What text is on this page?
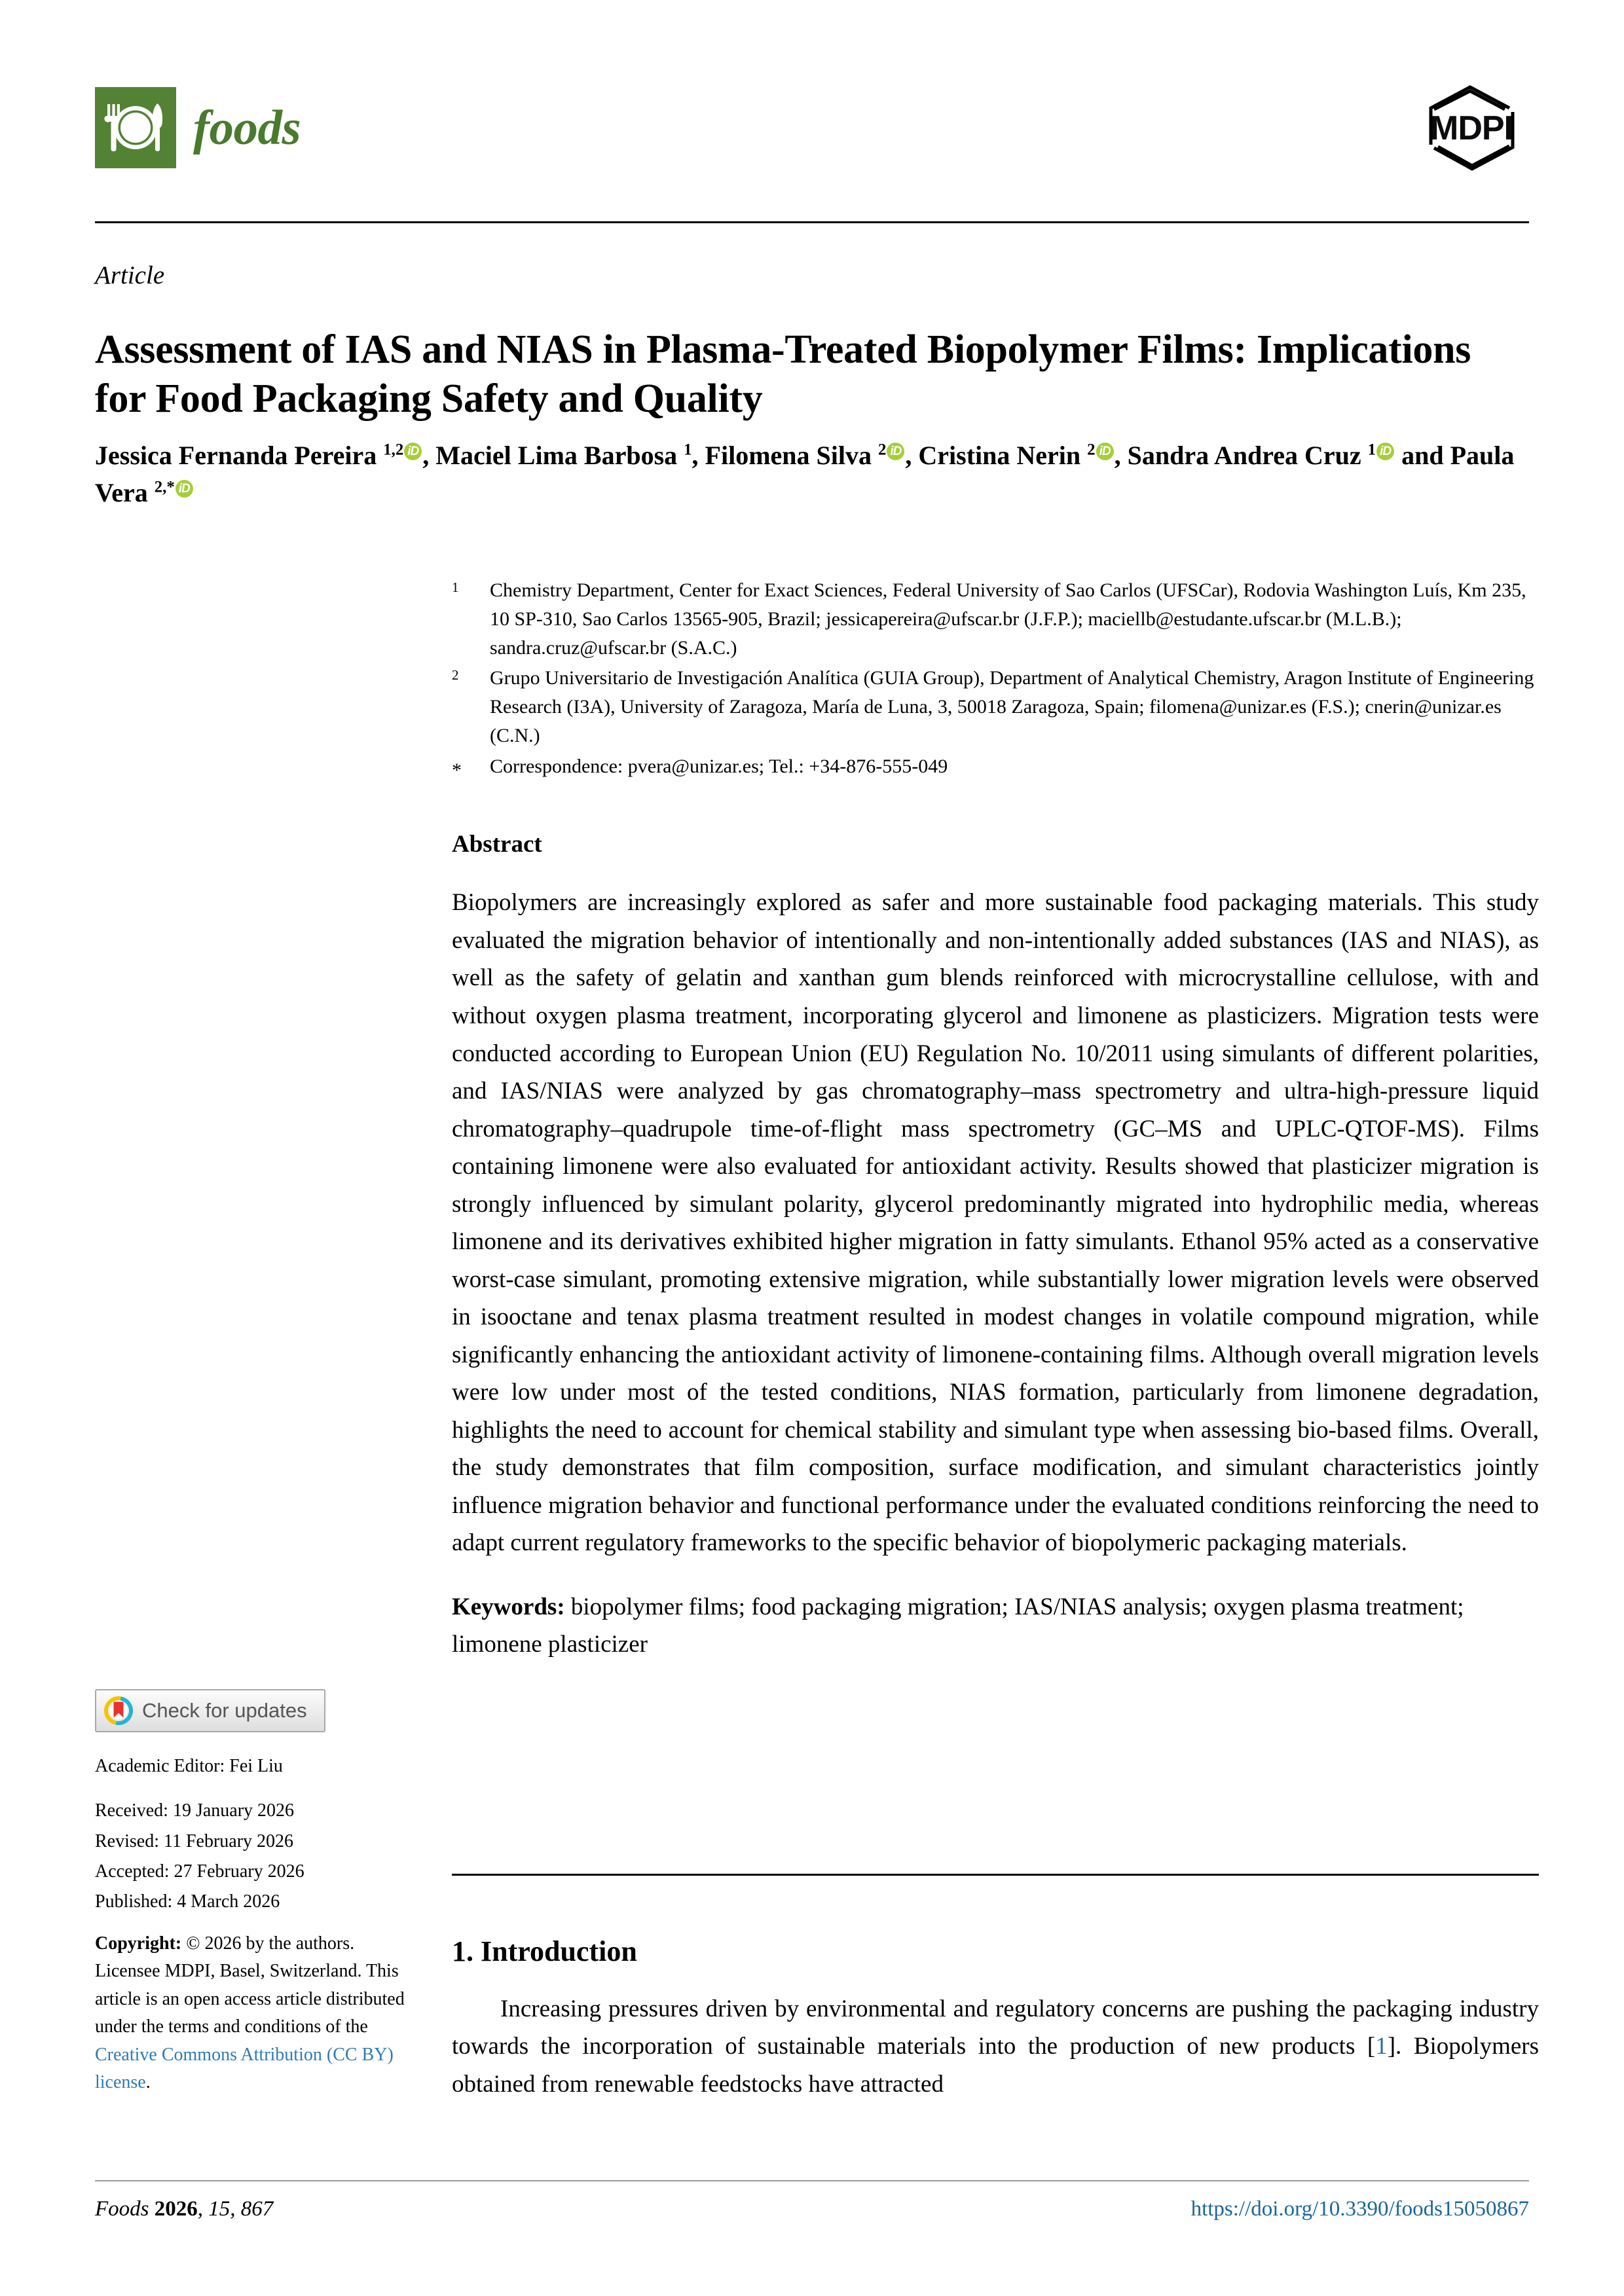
foods	MDPI
Article
Assessment of IAS and NIAS in Plasma-Treated Biopolymer Films: Implications for Food Packaging Safety and Quality
Jessica Fernanda Pereira $^{1,2}$ iD , Maciel Lima Barbosa $^1$, Filomena Silva $^2$ iD , Cristina Nerin $^2$ iD , Sandra Andrea Cruz $^1$ iD and Paula Vera $^{2,*}$ iD
1	Chemistry Department, Center for Exact Sciences, Federal University of Sao Carlos (UFSCar), Rodovia Washington Luís, Km 235, 10 SP-310, Sao Carlos 13565-905, Brazil; jessicapereira@ufscar.br (J.F.P.); maciellb@estudante.ufscar.br (M.L.B.); sandra.cruz@ufscar.br (S.A.C.)
2	Grupo Universitario de Investigación Analítica (GUIA Group), Department of Analytical Chemistry, Aragon Institute of Engineering Research (I3A), University of Zaragoza, María de Luna, 3, 50018 Zaragoza, Spain; filomena@unizar.es (F.S.); cnerin@unizar.es (C.N.)
*	Correspondence: pvera@unizar.es; Tel.: +34-876-555-049
Abstract
Biopolymers are increasingly explored as safer and more sustainable food packaging materials. This study evaluated the migration behavior of intentionally and non-intentionally added substances (IAS and NIAS), as well as the safety of gelatin and xanthan gum blends reinforced with microcrystalline cellulose, with and without oxygen plasma treatment, incorporating glycerol and limonene as plasticizers. Migration tests were conducted according to European Union (EU) Regulation No. 10/2011 using simulants of different polarities, and IAS/NIAS were analyzed by gas chromatography–mass spectrometry and ultra-high-pressure liquid chromatography–quadrupole time-of-flight mass spectrometry (GC–MS and UPLC-QTOF-MS). Films containing limonene were also evaluated for antioxidant activity. Results showed that plasticizer migration is strongly influenced by simulant polarity, glycerol predominantly migrated into hydrophilic media, whereas limonene and its derivatives exhibited higher migration in fatty simulants. Ethanol 95% acted as a conservative worst-case simulant, promoting extensive migration, while substantially lower migration levels were observed in isooctane and tenax plasma treatment resulted in modest changes in volatile compound migration, while significantly enhancing the antioxidant activity of limonene-containing films. Although overall migration levels were low under most of the tested conditions, NIAS formation, particularly from limonene degradation, highlights the need to account for chemical stability and simulant type when assessing bio-based films. Overall, the study demonstrates that film composition, surface modification, and simulant characteristics jointly influence migration behavior and functional performance under the evaluated conditions reinforcing the need to adapt current regulatory frameworks to the specific behavior of biopolymeric packaging materials.
Keywords: biopolymer films; food packaging migration; IAS/NIAS analysis; oxygen plasma treatment; limonene plasticizer
1. Introduction
Increasing pressures driven by environmental and regulatory concerns are pushing the packaging industry towards the incorporation of sustainable materials into the production of new products [1]. Biopolymers obtained from renewable feedstocks have attracted
Check for updates
Academic Editor: Fei Liu
Received: 19 January 2026
Revised: 11 February 2026
Accepted: 27 February 2026
Published: 4 March 2026
Copyright: © 2026 by the authors. Licensee MDPI, Basel, Switzerland. This article is an open access article distributed under the terms and conditions of the Creative Commons Attribution (CC BY) license.
Foods 2026, 15, 867	https://doi.org/10.3390/foods15050867
